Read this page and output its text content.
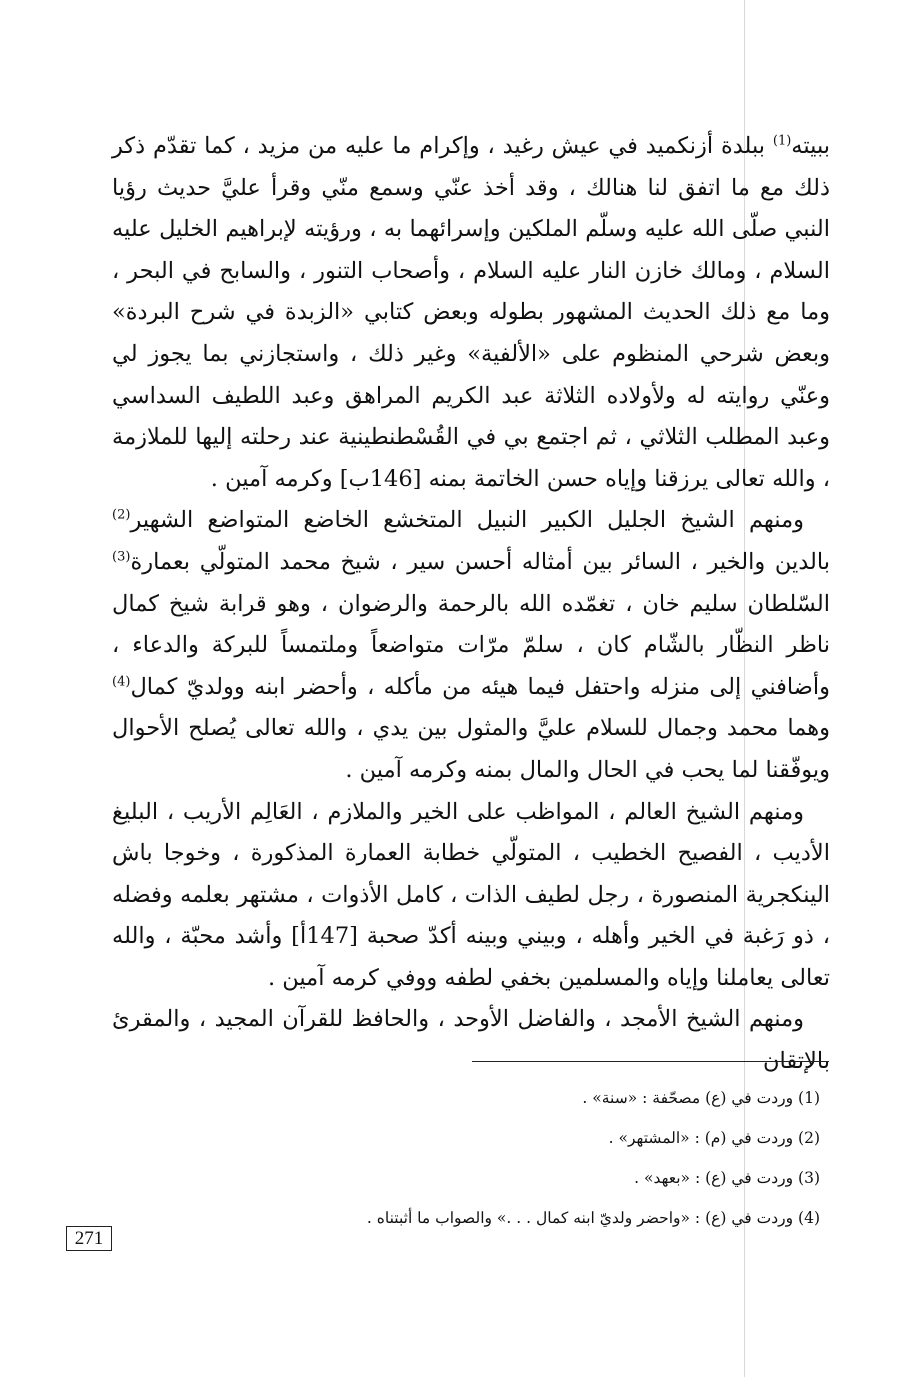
ببيته$^{(1)}$ ببلدة أزنكميد في عيش رغيد ، وإكرام ما عليه من مزيد ، كما تقدّم ذكر ذلك مع ما اتفق لنا هنالك ، وقد أخذ عنّي وسمع منّي وقرأ عليَّ حديث رؤيا النبي صلّى الله عليه وسلّم الملكين وإسرائهما به ، ورؤيته لإبراهيم الخليل عليه السلام ، ومالك خازن النار عليه السلام ، وأصحاب التنور ، والسابح في البحر ، وما مع ذلك الحديث المشهور بطوله وبعض كتابي «الزبدة في شرح البردة» وبعض شرحي المنظوم على «الألفية» وغير ذلك ، واستجازني بما يجوز لي وعنّي روايته له ولأولاده الثلاثة عبد الكريم المراهق وعبد اللطيف السداسي وعبد المطلب الثلاثي ، ثم اجتمع بي في القُسْطنطينية عند رحلته إليها للملازمة ، والله تعالى يرزقنا وإياه حسن الخاتمة بمنه [146ب] وكرمه آمين .

ومنهم الشيخ الجليل الكبير النبيل المتخشع الخاضع المتواضع الشهير$^{(2)}$ بالدين والخير ، السائر بين أمثاله أحسن سير ، شيخ محمد المتولّي بعمارة$^{(3)}$ السّلطان سليم خان ، تغمّده الله بالرحمة والرضوان ، وهو قرابة شيخ كمال ناظر النظّار بالشّام كان ، سلمّ مرّات متواضعاً وملتمساً للبركة والدعاء ، وأضافني إلى منزله واحتفل فيما هيئه من مأكله ، وأحضر ابنه وولديّ كمال$^{(4)}$ وهما محمد وجمال للسلام عليَّ والمثول بين يدي ، والله تعالى يُصلح الأحوال ويوفّقنا لما يحب في الحال والمال بمنه وكرمه آمين .

ومنهم الشيخ العالم ، المواظب على الخير والملازم ، العَالِم الأريب ، البليغ الأديب ، الفصيح الخطيب ، المتولّي خطابة العمارة المذكورة ، وخوجا باش الينكجرية المنصورة ، رجل لطيف الذات ، كامل الأذوات ، مشتهر بعلمه وفضله ، ذو رَغبة في الخير وأهله ، وبيني وبينه أكدّ صحبة [147أ] وأشد محبّة ، والله تعالى يعاملنا وإياه والمسلمين بخفي لطفه ووفي كرمه آمين .

ومنهم الشيخ الأمجد ، والفاضل الأوحد ، والحافظ للقرآن المجيد ، والمقرئ بالإتقان

(1) وردت في (ع) مصحّفة : «سنة» .

(2) وردت في (م) : «المشتهر» .

(3) وردت في (ع) : «بعهد» .

(4) وردت في (ع) : «واحضر ولديّ ابنه كمال . . .» والصواب ما أثبتناه .

271
